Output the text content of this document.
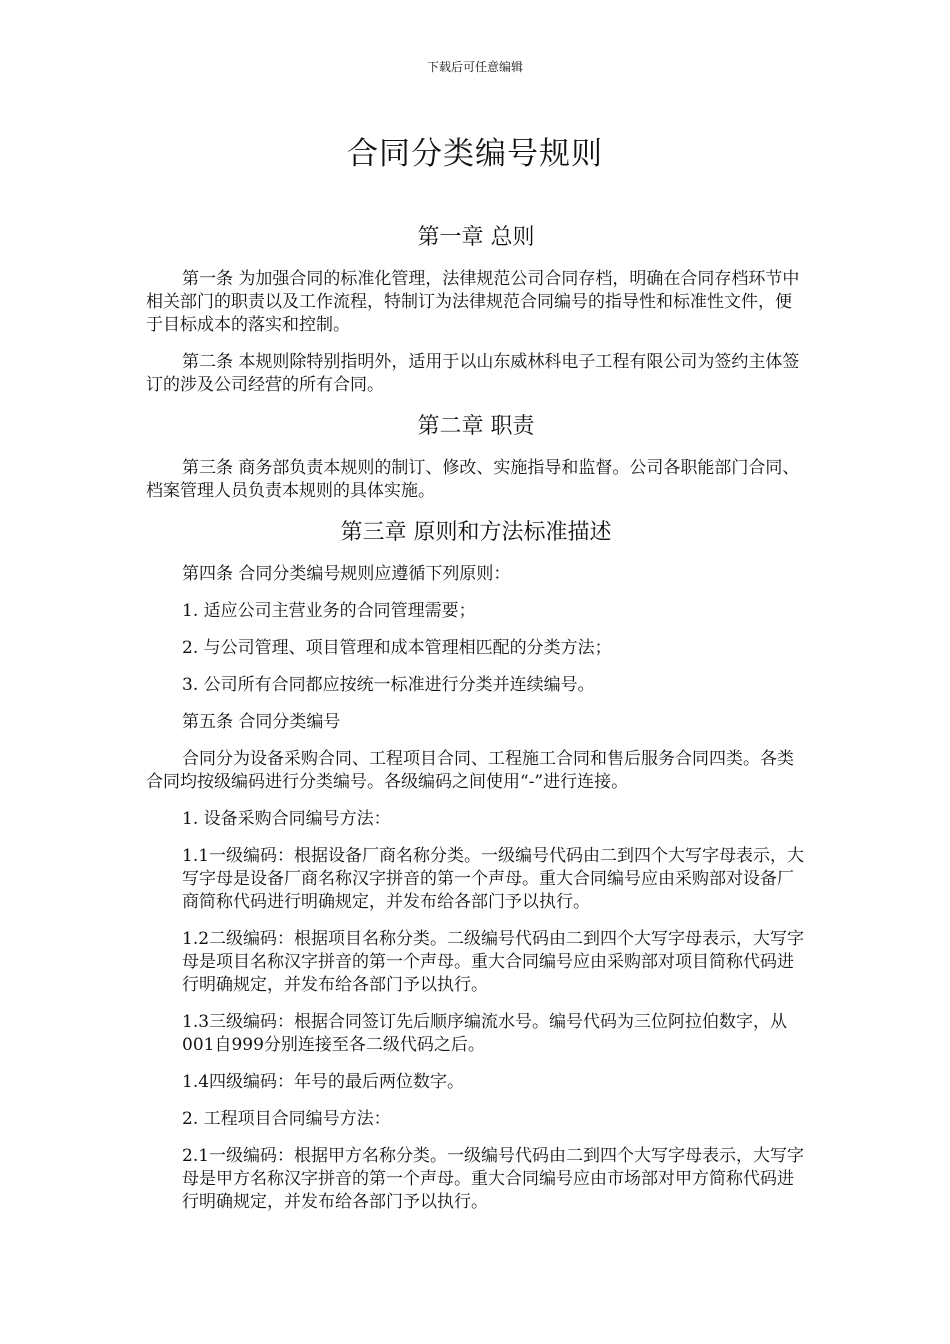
下载后可任意编辑
合同分类编号规则
第一章 总则

第一条 为加强合同的标准化管理，法律规范公司合同存档，明确在合同存档环节中相关部门的职责以及工作流程，特制订为法律规范合同编号的指导性和标准性文件，便于目标成本的落实和控制。

第二条 本规则除特别指明外，适用于以山东威林科电子工程有限公司为签约主体签订的涉及公司经营的所有合同。

第二章 职责

第三条 商务部负责本规则的制订、修改、实施指导和监督。公司各职能部门合同、档案管理人员负责本规则的具体实施。

第三章 原则和方法标准描述

第四条 合同分类编号规则应遵循下列原则：

1. 适应公司主营业务的合同管理需要；

2. 与公司管理、项目管理和成本管理相匹配的分类方法；

3. 公司所有合同都应按统一标准进行分类并连续编号。

第五条 合同分类编号

合同分为设备采购合同、工程项目合同、工程施工合同和售后服务合同四类。各类合同均按级编码进行分类编号。各级编码之间使用“-”进行连接。

1. 设备采购合同编号方法：

1.1一级编码：根据设备厂商名称分类。一级编号代码由二到四个大写字母表示，大写字母是设备厂商名称汉字拼音的第一个声母。重大合同编号应由采购部对设备厂商简称代码进行明确规定，并发布给各部门予以执行。

1.2二级编码：根据项目名称分类。二级编号代码由二到四个大写字母表示，大写字母是项目名称汉字拼音的第一个声母。重大合同编号应由采购部对项目简称代码进行明确规定，并发布给各部门予以执行。

1.3三级编码：根据合同签订先后顺序编流水号。编号代码为三位阿拉伯数字，从001自999分别连接至各二级代码之后。

1.4四级编码：年号的最后两位数字。

2. 工程项目合同编号方法：

2.1一级编码：根据甲方名称分类。一级编号代码由二到四个大写字母表示，大写字母是甲方名称汉字拼音的第一个声母。重大合同编号应由市场部对甲方简称代码进行明确规定，并发布给各部门予以执行。
